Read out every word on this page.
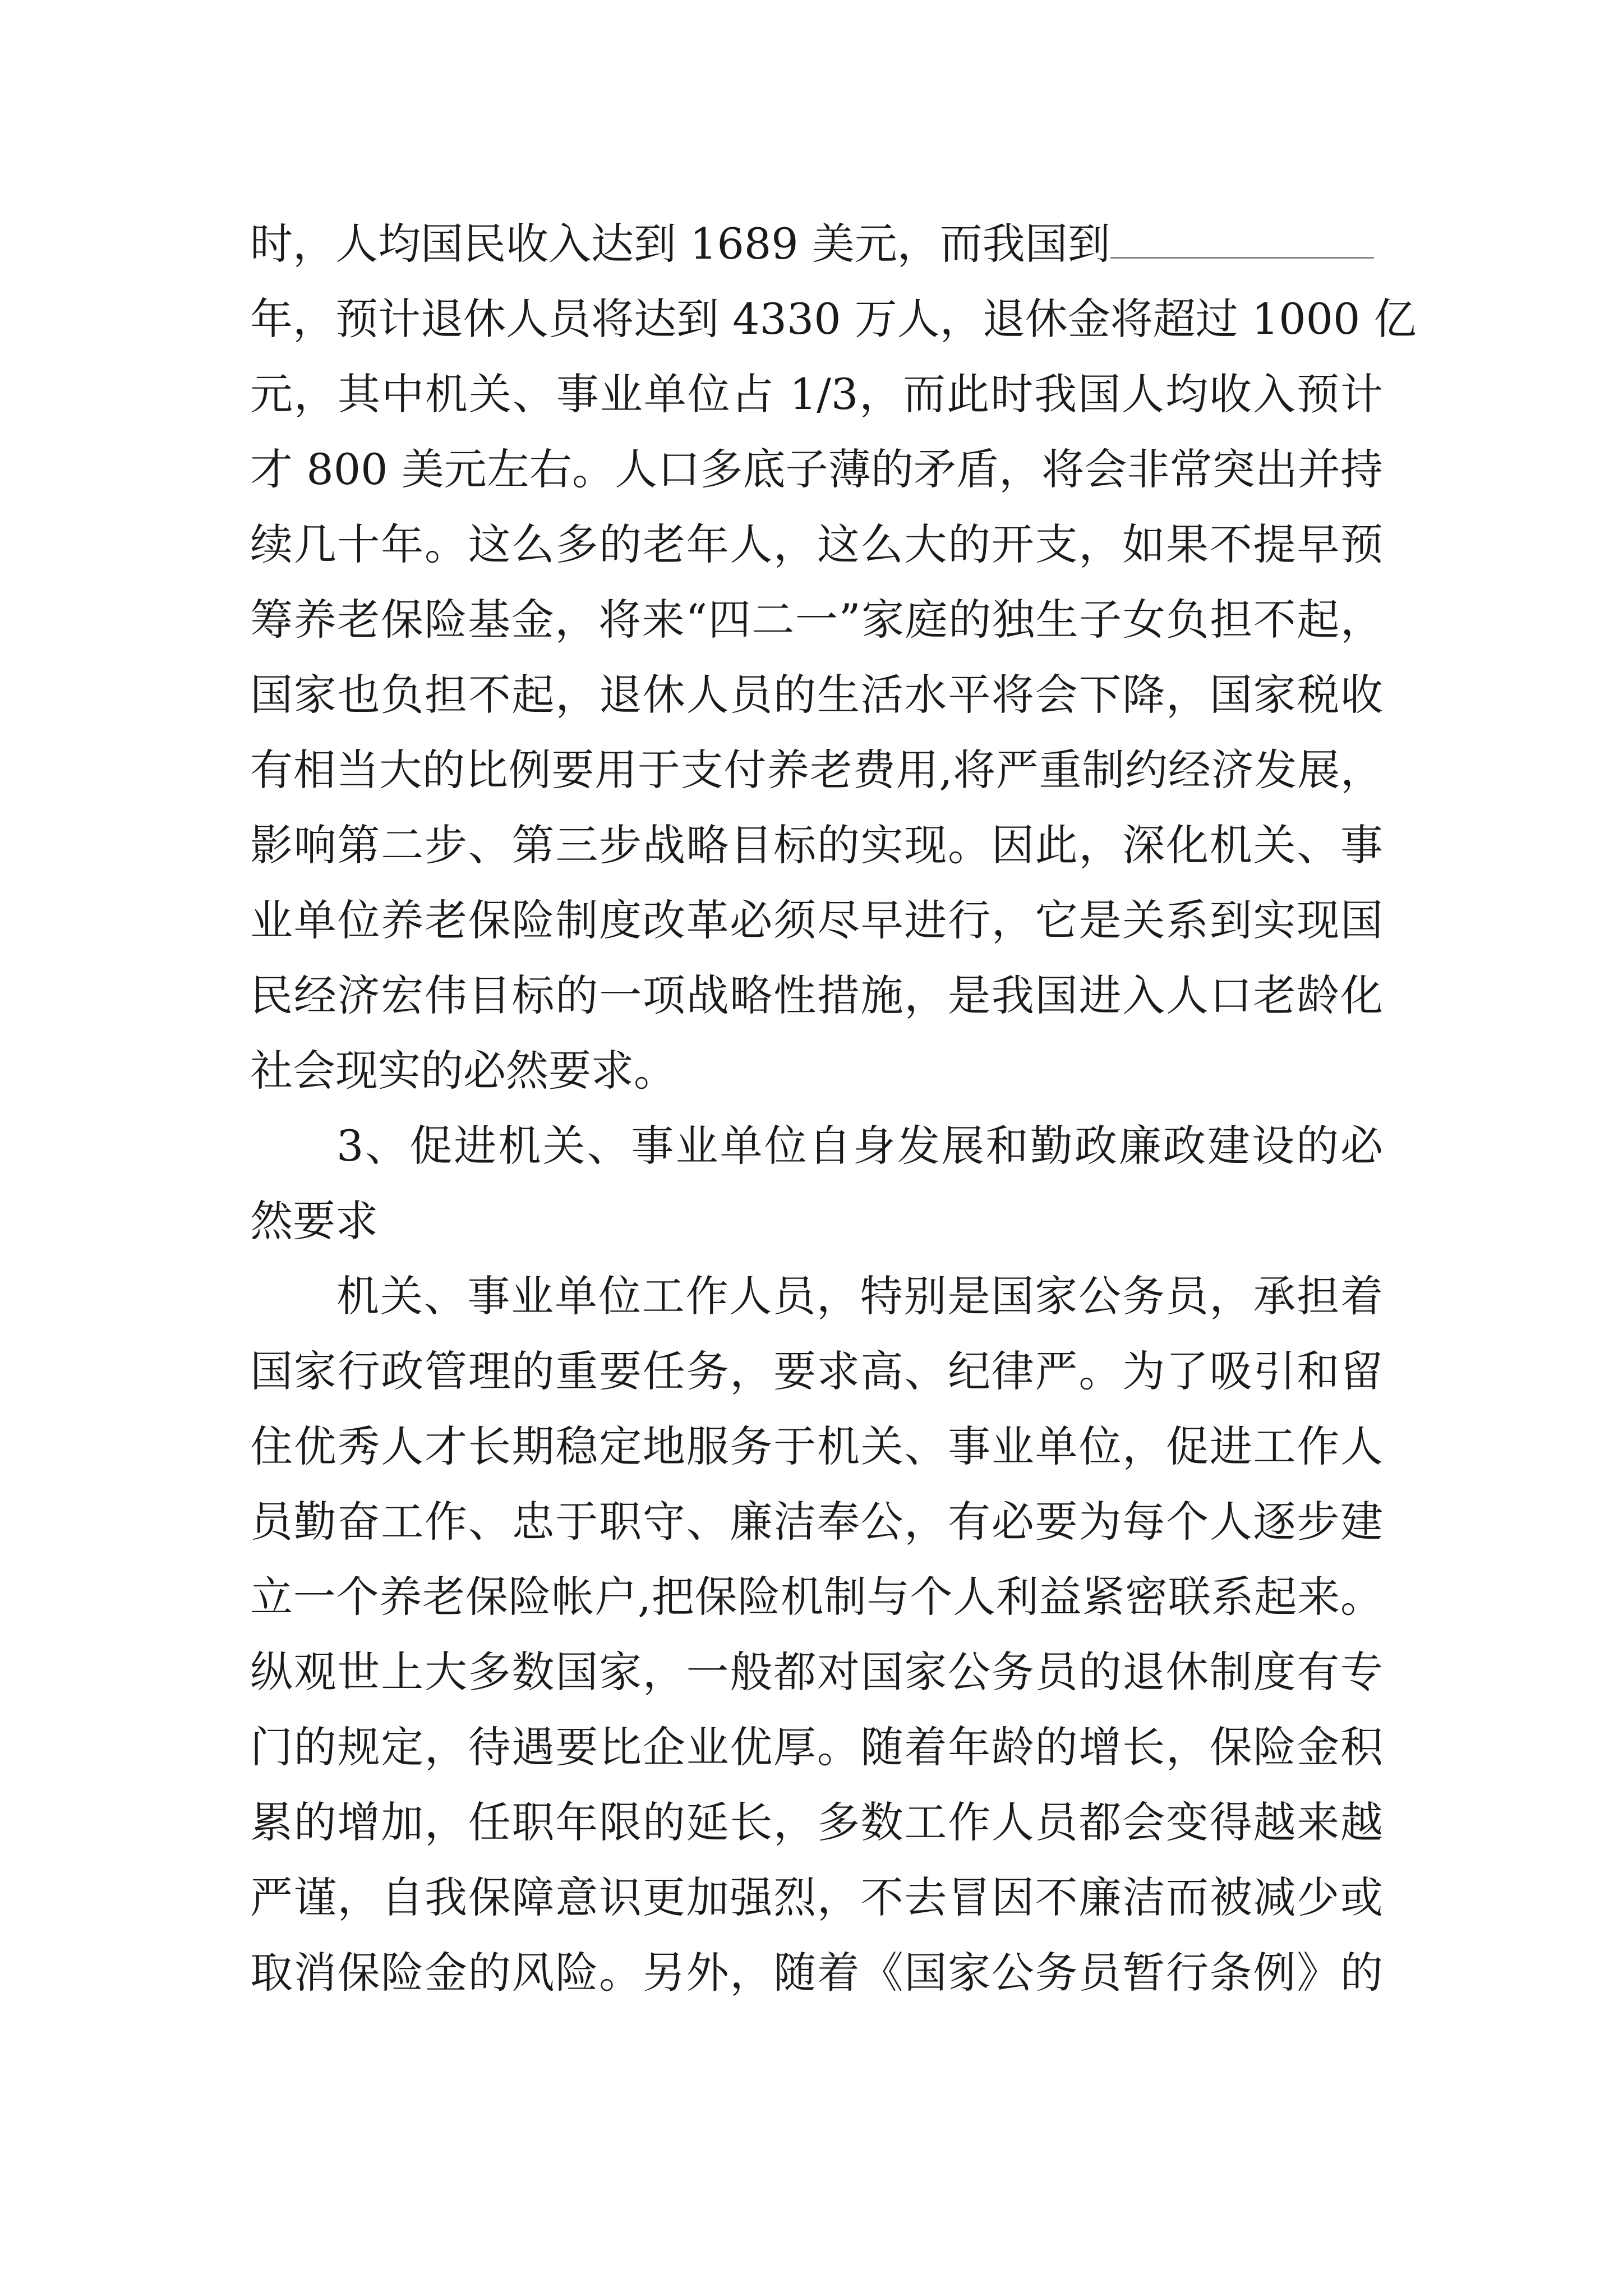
时，人均国民收入达到 1689 美元，而我国到
年，预计退休人员将达到 4330 万人，退休金将超过 1000 亿
元，其中机关、事业单位占 1/3，而此时我国人均收入预计
才 800 美元左右。人口多底子薄的矛盾，将会非常突出并持
续几十年。这么多的老年人，这么大的开支，如果不提早预
筹养老保险基金，将来“四二一”家庭的独生子女负担不起，
国家也负担不起，退休人员的生活水平将会下降，国家税收
有相当大的比例要用于支付养老费用,将严重制约经济发展，
影响第二步、第三步战略目标的实现。因此，深化机关、事
业单位养老保险制度改革必须尽早进行，它是关系到实现国
民经济宏伟目标的一项战略性措施，是我国进入人口老龄化
社会现实的必然要求。
3、促进机关、事业单位自身发展和勤政廉政建设的必
然要求
机关、事业单位工作人员，特别是国家公务员，承担着
国家行政管理的重要任务，要求高、纪律严。为了吸引和留
住优秀人才长期稳定地服务于机关、事业单位，促进工作人
员勤奋工作、忠于职守、廉洁奉公，有必要为每个人逐步建
立一个养老保险帐户,把保险机制与个人利益紧密联系起来。
纵观世上大多数国家，一般都对国家公务员的退休制度有专
门的规定，待遇要比企业优厚。随着年龄的增长，保险金积
累的增加，任职年限的延长，多数工作人员都会变得越来越
严谨，自我保障意识更加强烈，不去冒因不廉洁而被减少或
取消保险金的风险。另外，随着《国家公务员暂行条例》的
